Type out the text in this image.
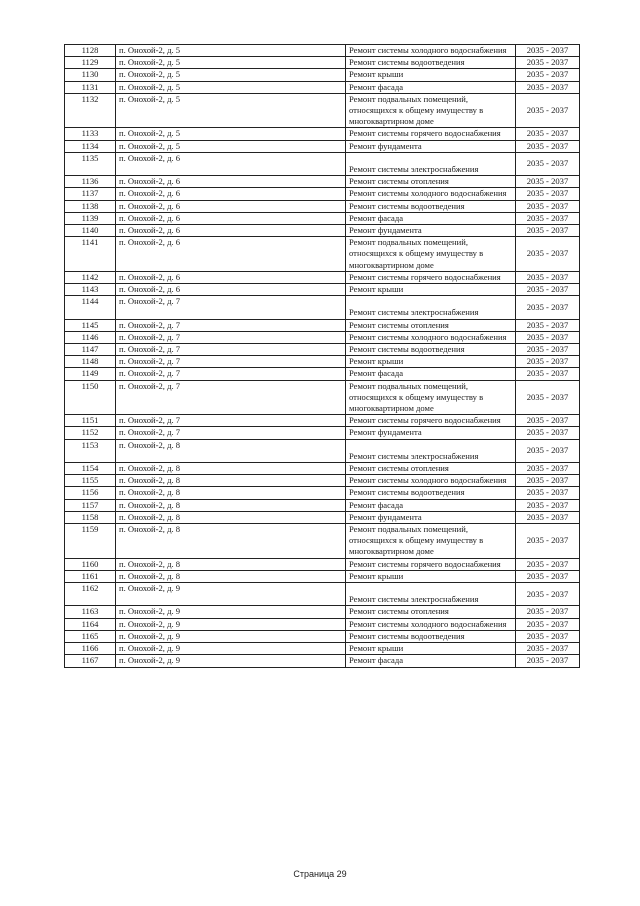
1128	п. Онохой-2, д. 5	Ремонт системы холодного водоснабжения	2035 - 2037
1129	п. Онохой-2, д. 5	Ремонт системы водоотведения	2035 - 2037
1130	п. Онохой-2, д. 5	Ремонт крыши	2035 - 2037
1131	п. Онохой-2, д. 5	Ремонт фасада	2035 - 2037
1132	п. Онохой-2, д. 5	Ремонт подвальных помещений, относящихся к общему имуществу в многоквартирном доме	2035 - 2037
1133	п. Онохой-2, д. 5	Ремонт системы горячего водоснабжения	2035 - 2037
1134	п. Онохой-2, д. 5	Ремонт фундамента	2035 - 2037
1135	п. Онохой-2, д. 6	Ремонт системы электроснабжения	2035 - 2037
1136	п. Онохой-2, д. 6	Ремонт системы отопления	2035 - 2037
1137	п. Онохой-2, д. 6	Ремонт системы холодного водоснабжения	2035 - 2037
1138	п. Онохой-2, д. 6	Ремонт системы водоотведения	2035 - 2037
1139	п. Онохой-2, д. 6	Ремонт фасада	2035 - 2037
1140	п. Онохой-2, д. 6	Ремонт фундамента	2035 - 2037
1141	п. Онохой-2, д. 6	Ремонт подвальных помещений, относящихся к общему имуществу в многоквартирном доме	2035 - 2037
1142	п. Онохой-2, д. 6	Ремонт системы горячего водоснабжения	2035 - 2037
1143	п. Онохой-2, д. 6	Ремонт крыши	2035 - 2037
1144	п. Онохой-2, д. 7	Ремонт системы электроснабжения	2035 - 2037
1145	п. Онохой-2, д. 7	Ремонт системы отопления	2035 - 2037
1146	п. Онохой-2, д. 7	Ремонт системы холодного водоснабжения	2035 - 2037
1147	п. Онохой-2, д. 7	Ремонт системы водоотведения	2035 - 2037
1148	п. Онохой-2, д. 7	Ремонт крыши	2035 - 2037
1149	п. Онохой-2, д. 7	Ремонт фасада	2035 - 2037
1150	п. Онохой-2, д. 7	Ремонт подвальных помещений, относящихся к общему имуществу в многоквартирном доме	2035 - 2037
1151	п. Онохой-2, д. 7	Ремонт системы горячего водоснабжения	2035 - 2037
1152	п. Онохой-2, д. 7	Ремонт фундамента	2035 - 2037
1153	п. Онохой-2, д. 8	Ремонт системы электроснабжения	2035 - 2037
1154	п. Онохой-2, д. 8	Ремонт системы отопления	2035 - 2037
1155	п. Онохой-2, д. 8	Ремонт системы холодного водоснабжения	2035 - 2037
1156	п. Онохой-2, д. 8	Ремонт системы водоотведения	2035 - 2037
1157	п. Онохой-2, д. 8	Ремонт фасада	2035 - 2037
1158	п. Онохой-2, д. 8	Ремонт фундамента	2035 - 2037
1159	п. Онохой-2, д. 8	Ремонт подвальных помещений, относящихся к общему имуществу в многоквартирном доме	2035 - 2037
1160	п. Онохой-2, д. 8	Ремонт системы горячего водоснабжения	2035 - 2037
1161	п. Онохой-2, д. 8	Ремонт крыши	2035 - 2037
1162	п. Онохой-2, д. 9	Ремонт системы электроснабжения	2035 - 2037
1163	п. Онохой-2, д. 9	Ремонт системы отопления	2035 - 2037
1164	п. Онохой-2, д. 9	Ремонт системы холодного водоснабжения	2035 - 2037
1165	п. Онохой-2, д. 9	Ремонт системы водоотведения	2035 - 2037
1166	п. Онохой-2, д. 9	Ремонт крыши	2035 - 2037
1167	п. Онохой-2, д. 9	Ремонт фасада	2035 - 2037
Страница 29
